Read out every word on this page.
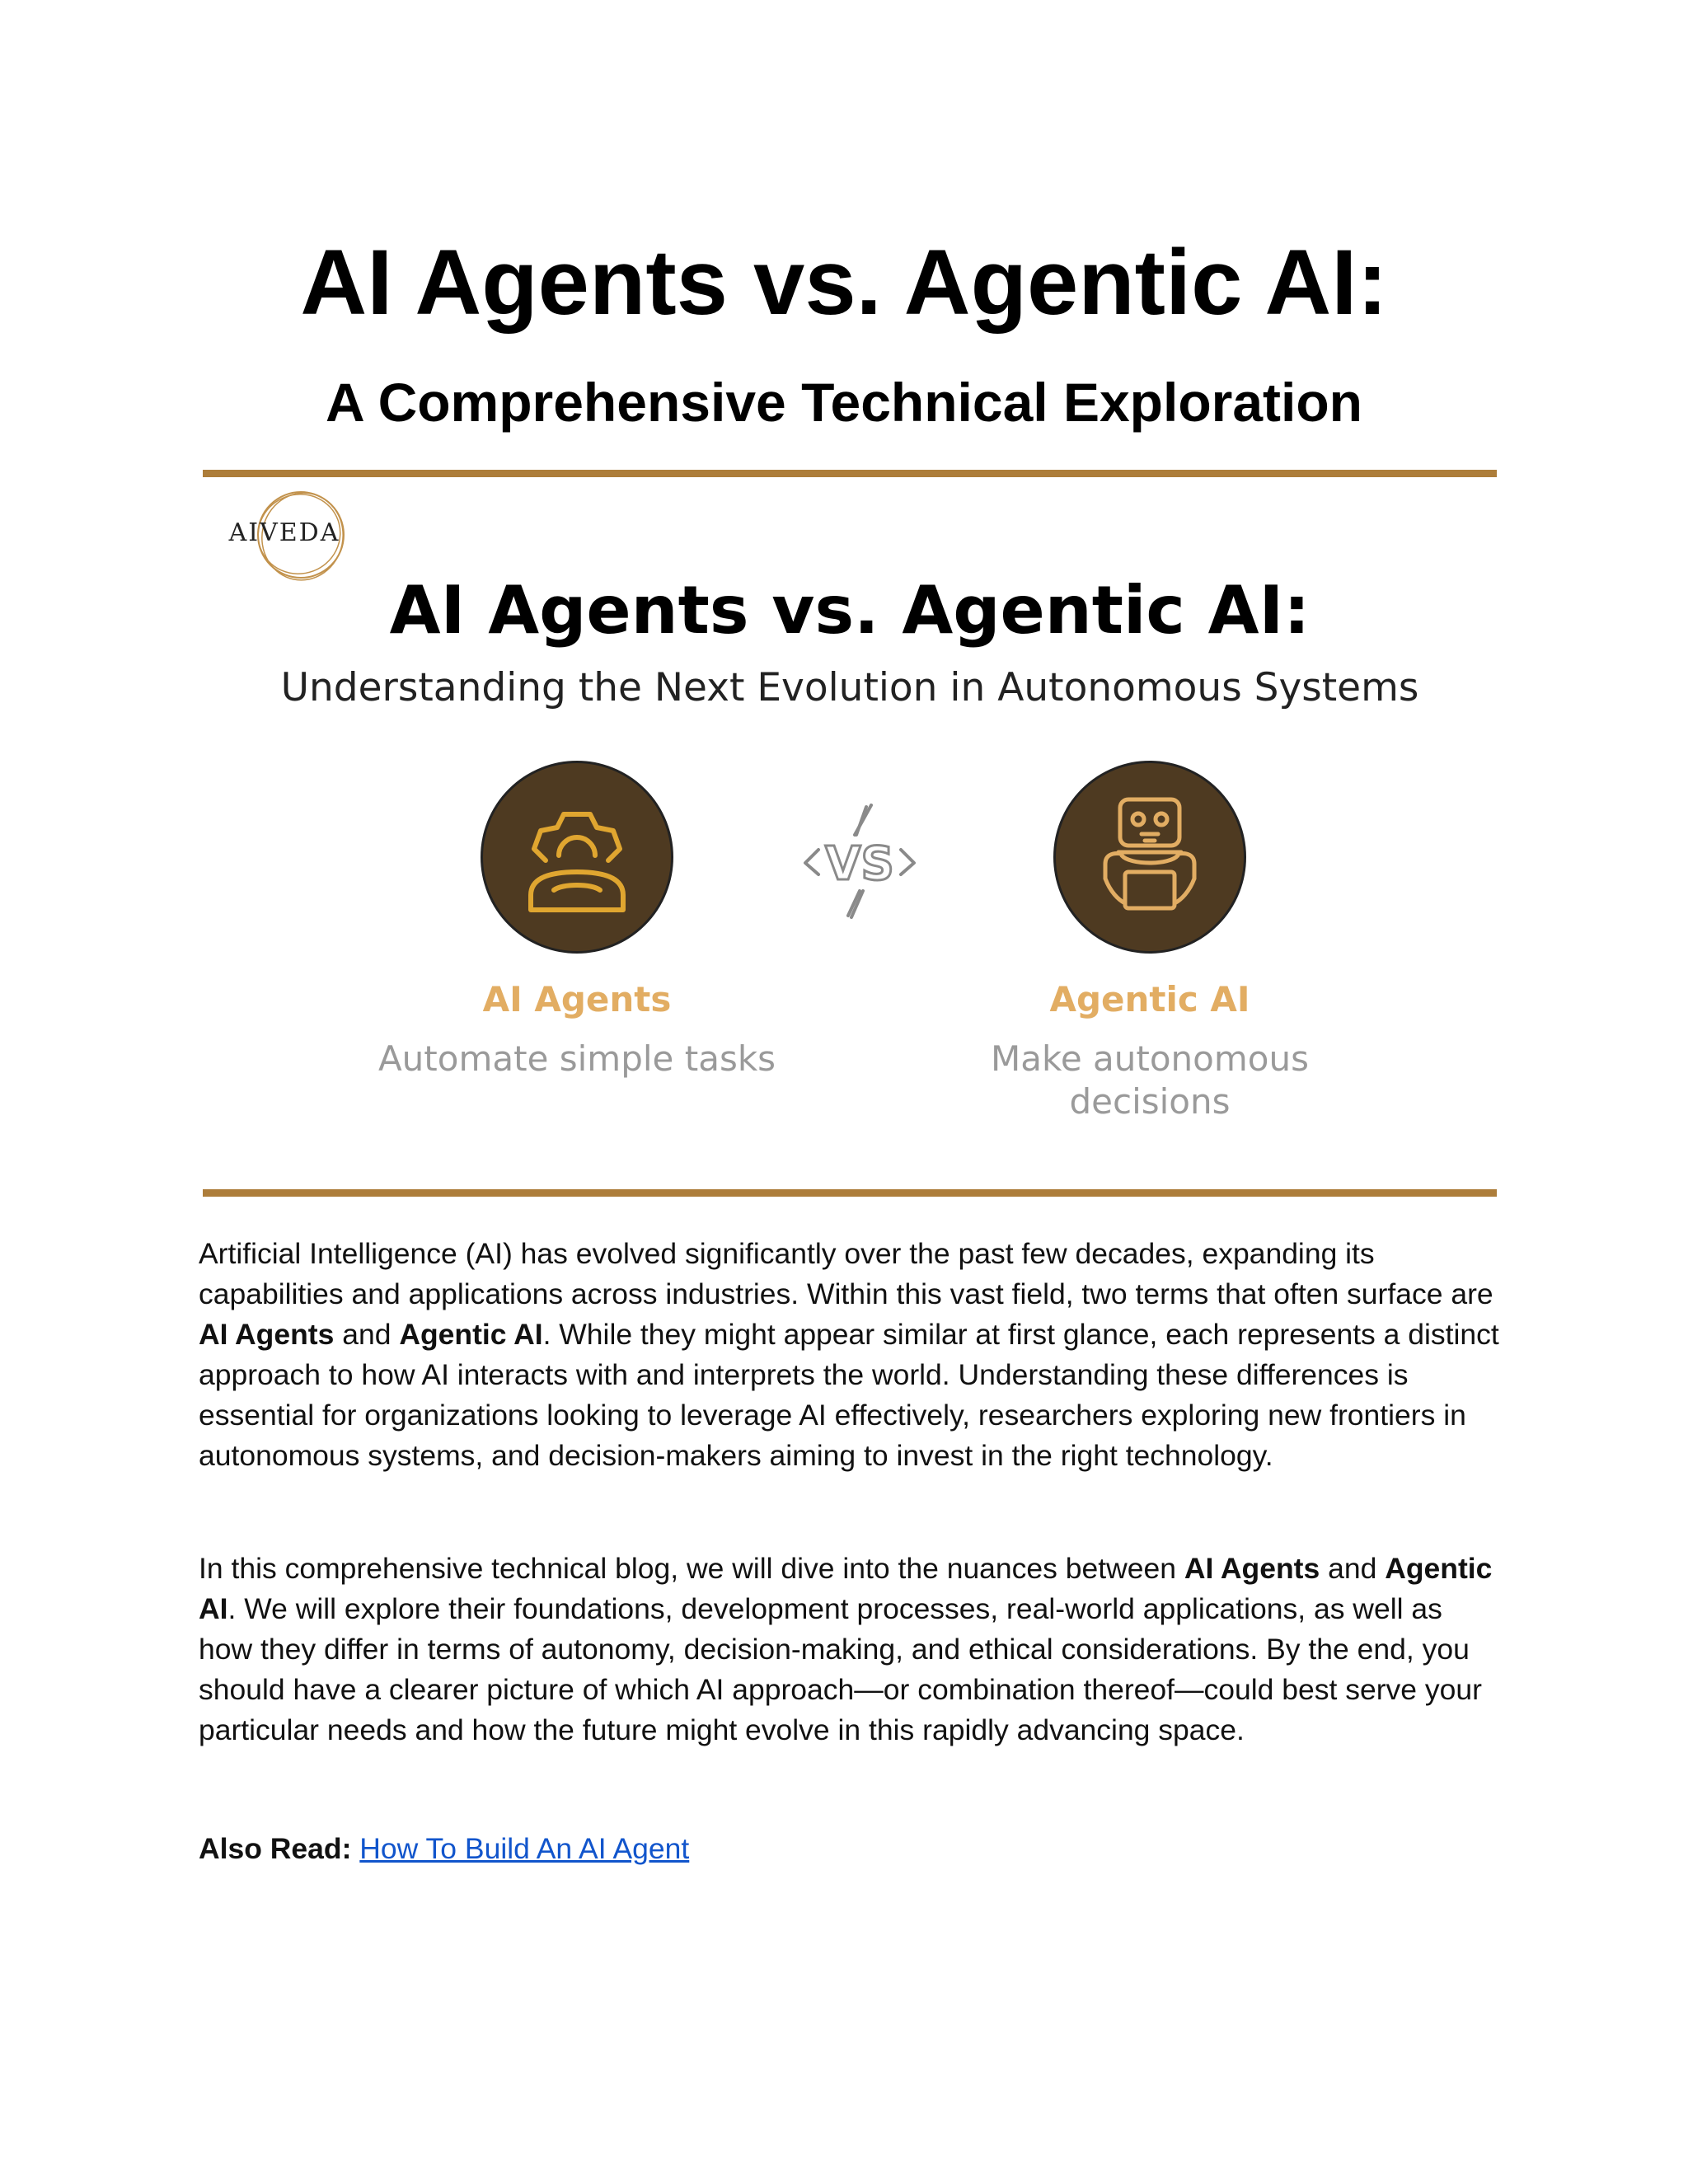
AI Agents vs. Agentic AI:
A Comprehensive Technical Exploration
AIVEDA
AI Agents vs. Agentic AI:
Understanding the Next Evolution in Autonomous Systems
VS
AI Agents
Automate simple tasks
Agentic AI
Make autonomous decisions

Artificial Intelligence (AI) has evolved significantly over the past few decades, expanding its capabilities and applications across industries. Within this vast field, two terms that often surface are AI Agents and Agentic AI. While they might appear similar at first glance, each represents a distinct approach to how AI interacts with and interprets the world. Understanding these differences is essential for organizations looking to leverage AI effectively, researchers exploring new frontiers in autonomous systems, and decision-makers aiming to invest in the right technology.

In this comprehensive technical blog, we will dive into the nuances between AI Agents and Agentic AI. We will explore their foundations, development processes, real-world applications, as well as how they differ in terms of autonomy, decision-making, and ethical considerations. By the end, you should have a clearer picture of which AI approach—or combination thereof—could best serve your particular needs and how the future might evolve in this rapidly advancing space.

Also Read: How To Build An AI Agent
